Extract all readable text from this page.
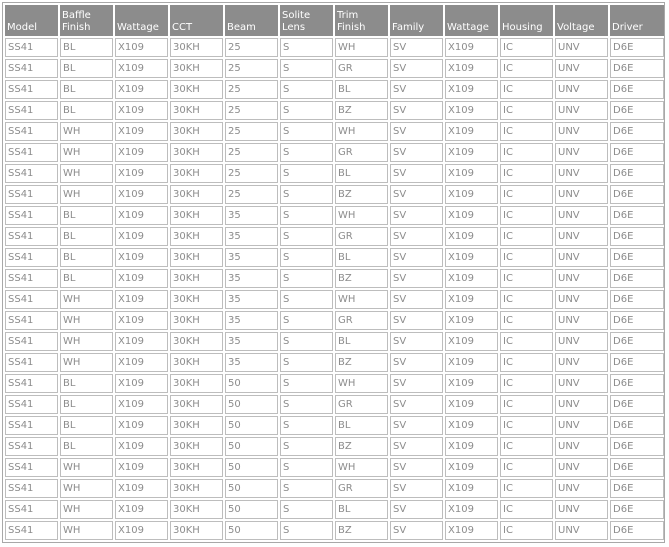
Model	Baffle Finish	Wattage	CCT	Beam	Solite Lens	Trim Finish	Family	Wattage	Housing	Voltage	Driver
SS41	BL	X109	30KH	25	S	WH	SV	X109	IC	UNV	D6E
SS41	BL	X109	30KH	25	S	GR	SV	X109	IC	UNV	D6E
SS41	BL	X109	30KH	25	S	BL	SV	X109	IC	UNV	D6E
SS41	BL	X109	30KH	25	S	BZ	SV	X109	IC	UNV	D6E
SS41	WH	X109	30KH	25	S	WH	SV	X109	IC	UNV	D6E
SS41	WH	X109	30KH	25	S	GR	SV	X109	IC	UNV	D6E
SS41	WH	X109	30KH	25	S	BL	SV	X109	IC	UNV	D6E
SS41	WH	X109	30KH	25	S	BZ	SV	X109	IC	UNV	D6E
SS41	BL	X109	30KH	35	S	WH	SV	X109	IC	UNV	D6E
SS41	BL	X109	30KH	35	S	GR	SV	X109	IC	UNV	D6E
SS41	BL	X109	30KH	35	S	BL	SV	X109	IC	UNV	D6E
SS41	BL	X109	30KH	35	S	BZ	SV	X109	IC	UNV	D6E
SS41	WH	X109	30KH	35	S	WH	SV	X109	IC	UNV	D6E
SS41	WH	X109	30KH	35	S	GR	SV	X109	IC	UNV	D6E
SS41	WH	X109	30KH	35	S	BL	SV	X109	IC	UNV	D6E
SS41	WH	X109	30KH	35	S	BZ	SV	X109	IC	UNV	D6E
SS41	BL	X109	30KH	50	S	WH	SV	X109	IC	UNV	D6E
SS41	BL	X109	30KH	50	S	GR	SV	X109	IC	UNV	D6E
SS41	BL	X109	30KH	50	S	BL	SV	X109	IC	UNV	D6E
SS41	BL	X109	30KH	50	S	BZ	SV	X109	IC	UNV	D6E
SS41	WH	X109	30KH	50	S	WH	SV	X109	IC	UNV	D6E
SS41	WH	X109	30KH	50	S	GR	SV	X109	IC	UNV	D6E
SS41	WH	X109	30KH	50	S	BL	SV	X109	IC	UNV	D6E
SS41	WH	X109	30KH	50	S	BZ	SV	X109	IC	UNV	D6E
